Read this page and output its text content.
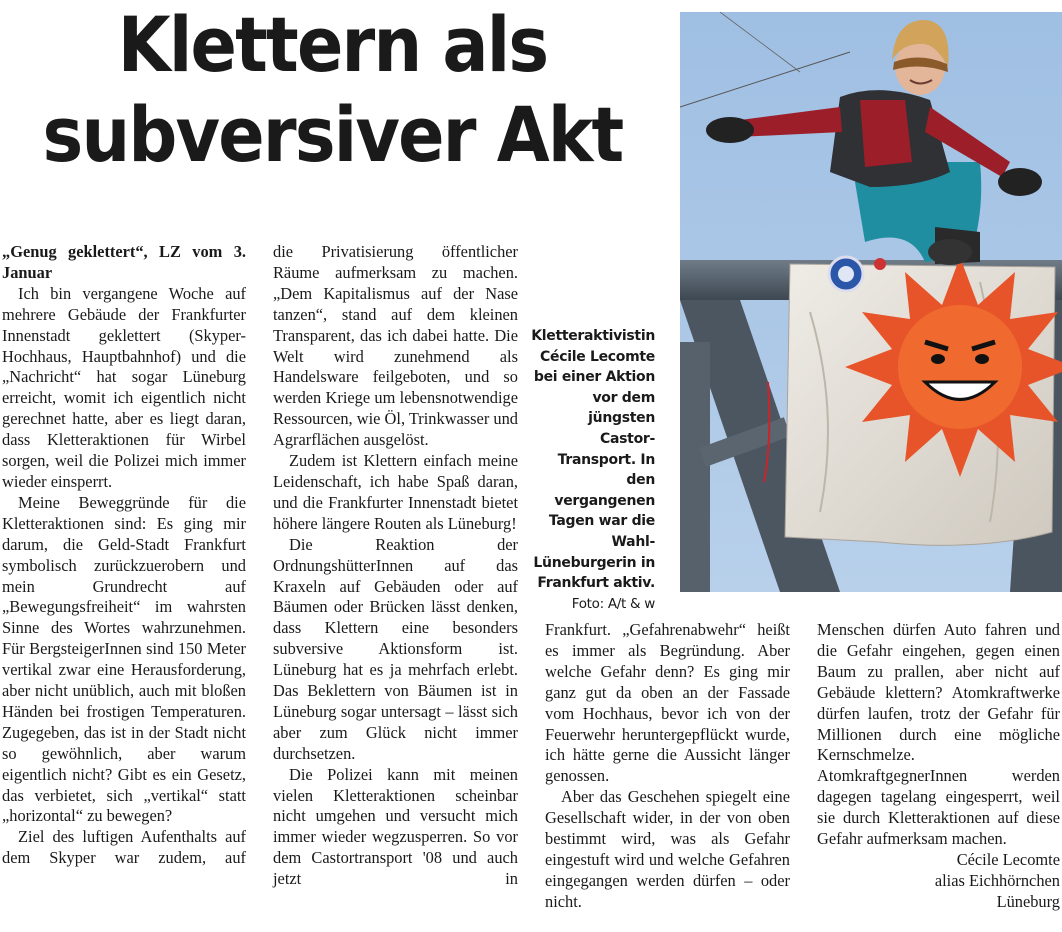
Klettern als
subversiver Akt

„Genug geklettert“, LZ vom 3. Januar

Ich bin vergangene Woche auf mehrere Gebäude der Frankfurter Innenstadt geklettert (Skyper-Hochhaus, Hauptbahnhof) und die „Nachricht“ hat sogar Lüneburg erreicht, womit ich eigentlich nicht gerechnet hatte, aber es liegt daran, dass Kletteraktionen für Wirbel sorgen, weil die Polizei mich immer wieder einsperrt.

Meine Beweggründe für die Kletteraktionen sind: Es ging mir darum, die Geld-Stadt Frankfurt symbolisch zurückzuerobern und mein Grundrecht auf „Bewegungsfreiheit“ im wahrsten Sinne des Wortes wahrzunehmen. Für BergsteigerInnen sind 150 Meter vertikal zwar eine Herausforderung, aber nicht unüblich, auch mit bloßen Händen bei frostigen Temperaturen. Zugegeben, das ist in der Stadt nicht so gewöhnlich, aber warum eigentlich nicht? Gibt es ein Gesetz, das verbietet, sich „vertikal“ statt „horizontal“ zu bewegen?

Ziel des luftigen Aufenthalts auf dem Skyper war zudem, auf

die Privatisierung öffentlicher Räume aufmerksam zu machen. „Dem Kapitalismus auf der Nase tanzen“, stand auf dem kleinen Transparent, das ich dabei hatte. Die Welt wird zunehmend als Handelsware feilgeboten, und so werden Kriege um lebensnotwendige Ressourcen, wie Öl, Trinkwasser und Agrarflächen ausgelöst.

Zudem ist Klettern einfach meine Leidenschaft, ich habe Spaß daran, und die Frankfurter Innenstadt bietet höhere längere Routen als Lüneburg!

Die Reaktion der OrdnungshütterInnen auf das Kraxeln auf Gebäuden oder auf Bäumen oder Brücken lässt denken, dass Klettern eine besonders subversive Aktionsform ist. Lüneburg hat es ja mehrfach erlebt. Das Beklettern von Bäumen ist in Lüneburg sogar untersagt – lässt sich aber zum Glück nicht immer durchsetzen.

Die Polizei kann mit meinen vielen Kletteraktionen scheinbar nicht umgehen und versucht mich immer wieder wegzusperren. So vor dem Castortransport '08 und auch jetzt in

Frankfurt. „Gefahrenabwehr“ heißt es immer als Begründung. Aber welche Gefahr denn? Es ging mir ganz gut da oben an der Fassade vom Hochhaus, bevor ich von der Feuerwehr heruntergepflückt wurde, ich hätte gerne die Aussicht länger genossen.

Aber das Geschehen spiegelt eine Gesellschaft wider, in der von oben bestimmt wird, was als Gefahr eingestuft wird und welche Gefahren eingegangen werden dürfen – oder nicht.

Menschen dürfen Auto fahren und die Gefahr eingehen, gegen einen Baum zu prallen, aber nicht auf Gebäude klettern? Atomkraftwerke dürfen laufen, trotz der Gefahr für Millionen durch eine mögliche Kernschmelze. AtomkraftgegnerInnen werden dagegen tagelang eingesperrt, weil sie durch Kletteraktionen auf diese Gefahr aufmerksam machen.

Cécile Lecomte

alias Eichhörnchen

Lüneburg

Kletteraktivistin Cécile Lecomte bei einer Aktion vor dem jüngsten Castor-Transport. In den vergangenen Tagen war die Wahl-Lüneburgerin in Frankfurt aktiv.
Foto: A/t & w
